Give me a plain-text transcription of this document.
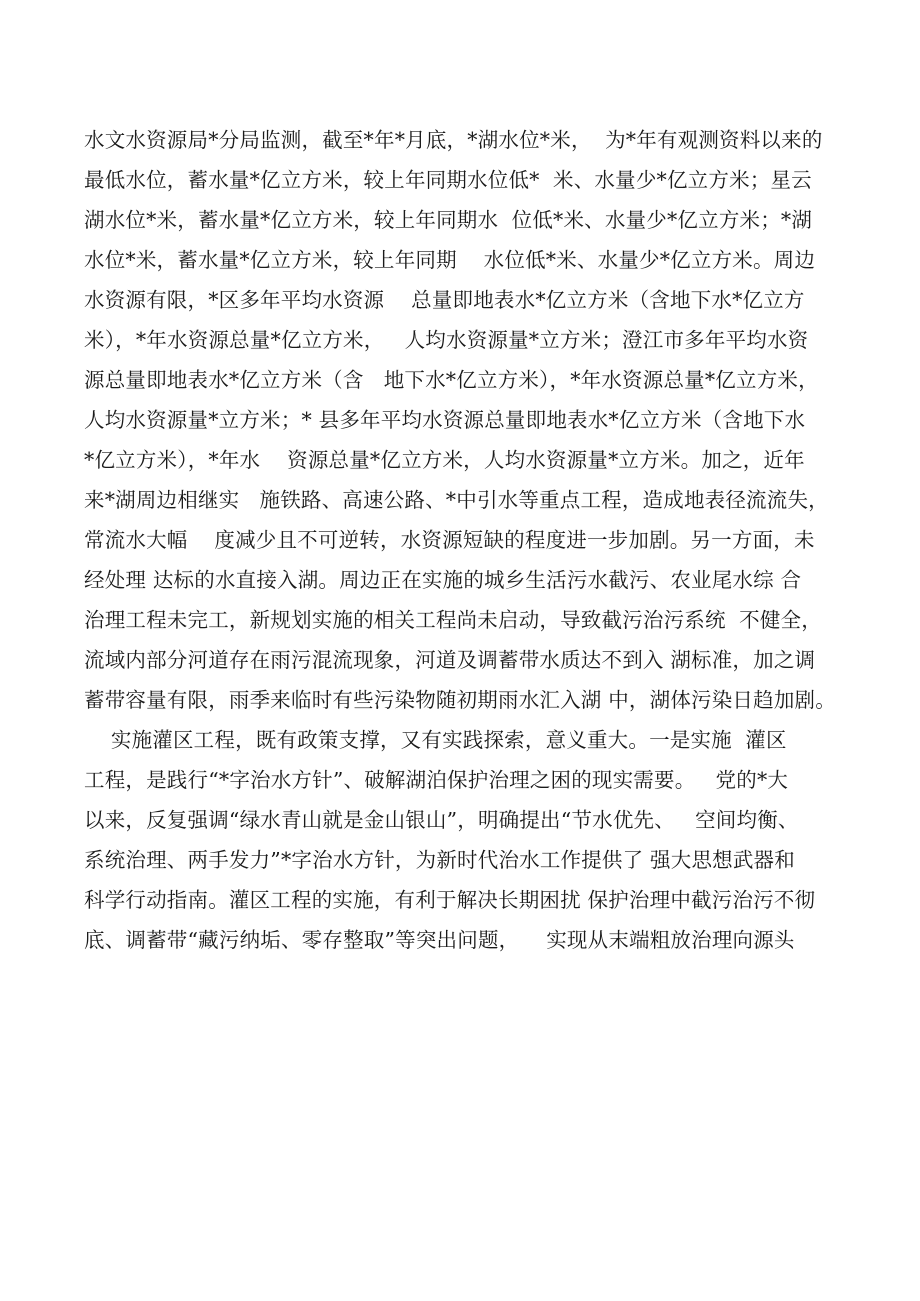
水文水资源局*分局监测，截至*年*月底，*湖水位*米，  为*年有观测资料以来的
最低水位，蓄水量*亿立方米，较上年同期水位低*  米、水量少*亿立方米；星云
湖水位*米，蓄水量*亿立方米，较上年同期水  位低*米、水量少*亿立方米；*湖
水位*米，蓄水量*亿立方米，较上年同期    水位低*米、水量少*亿立方米。周边
水资源有限，*区多年平均水资源    总量即地表水*亿立方米（含地下水*亿立方
米），*年水资源总量*亿立方米，   人均水资源量*立方米；澄江市多年平均水资
源总量即地表水*亿立方米（含   地下水*亿立方米），*年水资源总量*亿立方米，
人均水资源量*立方米；* 县多年平均水资源总量即地表水*亿立方米（含地下水
*亿立方米），*年水    资源总量*亿立方米，人均水资源量*立方米。加之，近年
来*湖周边相继实   施铁路、高速公路、*中引水等重点工程，造成地表径流流失，
常流水大幅    度减少且不可逆转，水资源短缺的程度进一步加剧。另一方面，未
经处理 达标的水直接入湖。周边正在实施的城乡生活污水截污、农业尾水综 合
治理工程未完工，新规划实施的相关工程尚未启动，导致截污治污系统  不健全，
流域内部分河道存在雨污混流现象，河道及调蓄带水质达不到入 湖标准，加之调
蓄带容量有限，雨季来临时有些污染物随初期雨水汇入湖 中，湖体污染日趋加剧。
实施灌区工程，既有政策支撑，又有实践探索，意义重大。一是实施  灌区
工程，是践行“*字治水方针”、破解湖泊保护治理之困的现实需要。   党的*大
以来，反复强调“绿水青山就是金山银山”，明确提出“节水优先、   空间均衡、
系统治理、两手发力”*字治水方针，为新时代治水工作提供了 强大思想武器和
科学行动指南。灌区工程的实施，有利于解决长期困扰 保护治理中截污治污不彻
底、调蓄带“藏污纳垢、零存整取”等突出问题，    实现从末端粗放治理向源头
